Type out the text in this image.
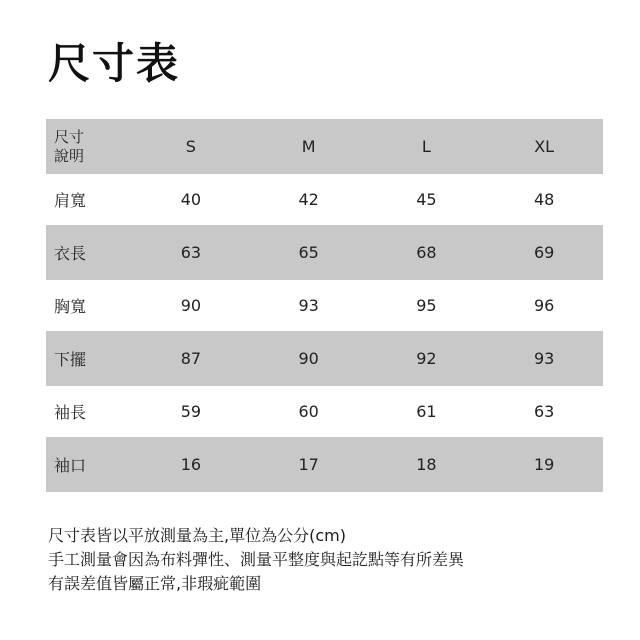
尺寸表
尺寸
說明	S	M	L	XL
肩寬	40	42	45	48
衣長	63	65	68	69
胸寬	90	93	95	96
下擺	87	90	92	93
袖長	59	60	61	63
袖口	16	17	18	19
尺寸表皆以平放測量為主,單位為公分(cm)
手工測量會因為布料彈性、測量平整度與起訖點等有所差異
有誤差值皆屬正常,非瑕疵範圍
